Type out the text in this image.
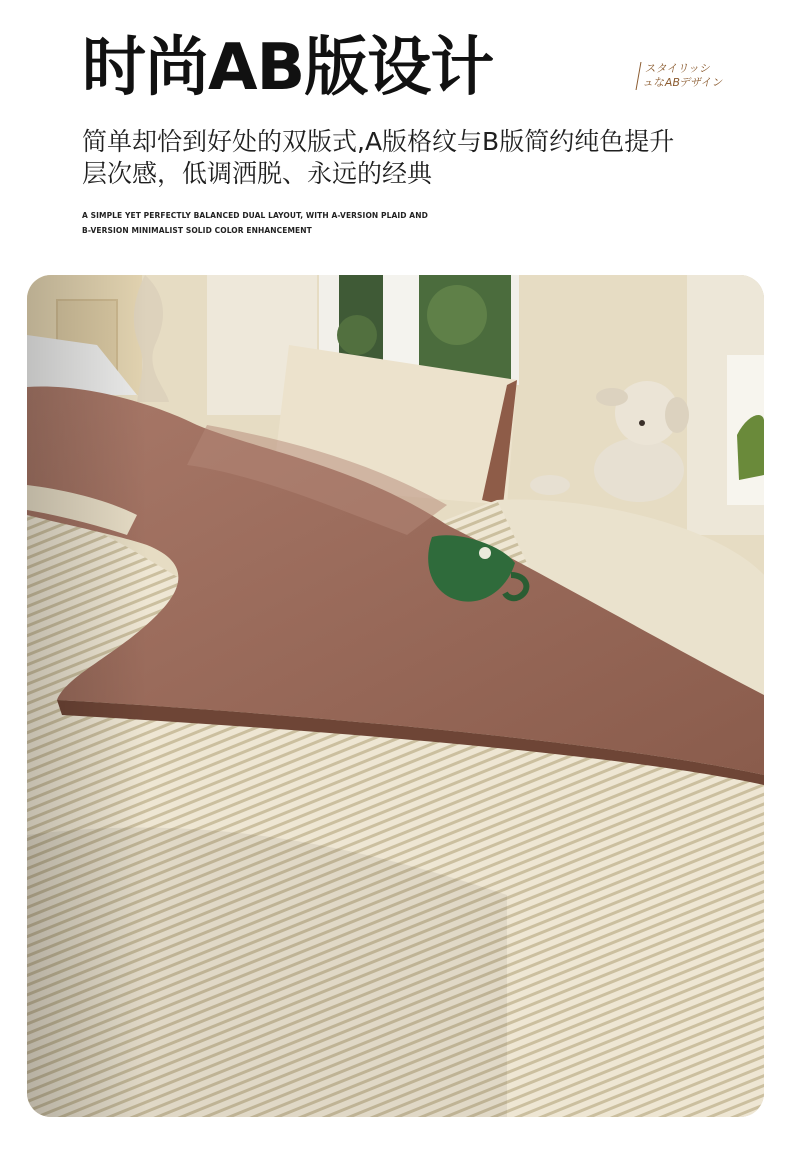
时尚AB版设计	スタイリッシ
ュなABデザイン
简单却恰到好处的双版式,A版格纹与B版简约纯色提升
层次感，低调洒脱、永远的经典
A SIMPLE YET PERFECTLY BALANCED DUAL LAYOUT, WITH A-VERSION PLAID AND
B-VERSION MINIMALIST SOLID COLOR ENHANCEMENT
